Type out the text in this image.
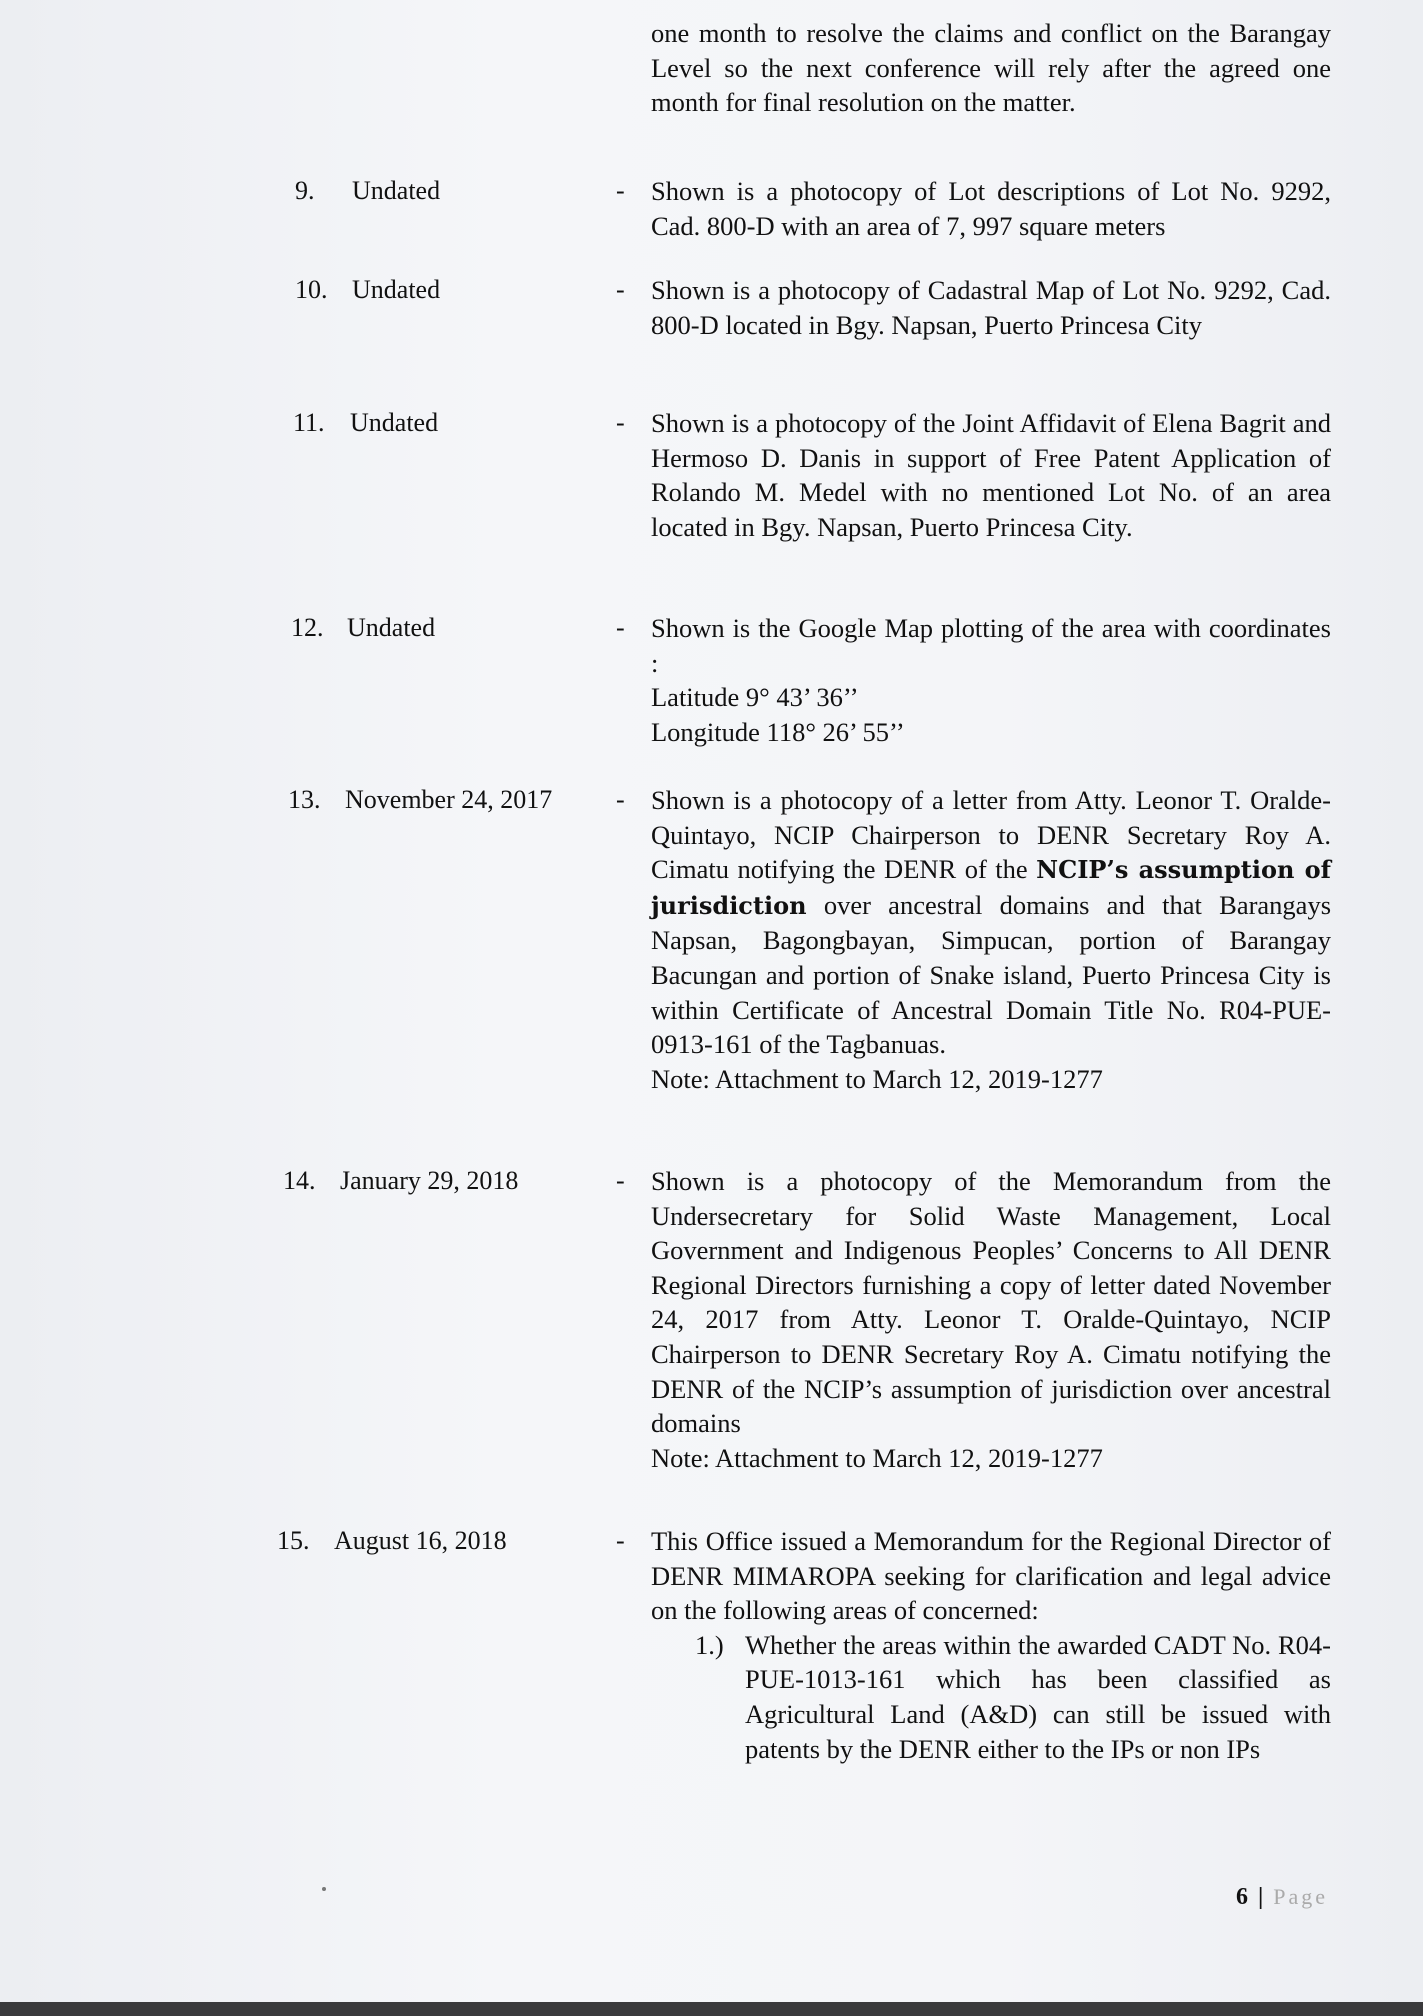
one month to resolve the claims and conflict on the Barangay Level so the next conference will rely after the agreed one month for final resolution on the matter.

9. Undated	- Shown is a photocopy of Lot descriptions of Lot No. 9292, Cad. 800-D with an area of 7, 997 square meters

10. Undated	- Shown is a photocopy of Cadastral Map of Lot No. 9292, Cad. 800-D located in Bgy. Napsan, Puerto Princesa City

11. Undated	- Shown is a photocopy of the Joint Affidavit of Elena Bagrit and Hermoso D. Danis in support of Free Patent Application of Rolando M. Medel with no mentioned Lot No. of an area located in Bgy. Napsan, Puerto Princesa City.

12. Undated	- Shown is the Google Map plotting of the area with coordinates :

Latitude 9° 43’ 36’’

Longitude 118° 26’ 55’’

13. November 24, 2017 - Shown is a photocopy of a letter from Atty. Leonor T. Oralde-Quintayo, NCIP Chairperson to DENR Secretary Roy A. Cimatu notifying the DENR of the NCIP’s assumption of jurisdiction over ancestral domains and that Barangays Napsan, Bagongbayan, Simpucan, portion of Barangay Bacungan and portion of Snake island, Puerto Princesa City is within Certificate of Ancestral Domain Title No. R04-PUE-0913-161 of the Tagbanuas.

Note: Attachment to March 12, 2019-1277

14. January 29, 2018	- Shown is a photocopy of the Memorandum from the Undersecretary for Solid Waste Management, Local Government and Indigenous Peoples’ Concerns to All DENR Regional Directors furnishing a copy of letter dated November 24, 2017 from Atty. Leonor T. Oralde-Quintayo, NCIP Chairperson to DENR Secretary Roy A. Cimatu notifying the DENR of the NCIP’s assumption of jurisdiction over ancestral domains

Note: Attachment to March 12, 2019-1277

15. August 16, 2018	- This Office issued a Memorandum for the Regional Director of DENR MIMAROPA seeking for clarification and legal advice on the following areas of concerned:

1.) Whether the areas within the awarded CADT No. R04-PUE-1013-161 which has been classified as Agricultural Land (A&D) can still be issued with patents by the DENR either to the IPs or non IPs

6 | Page
